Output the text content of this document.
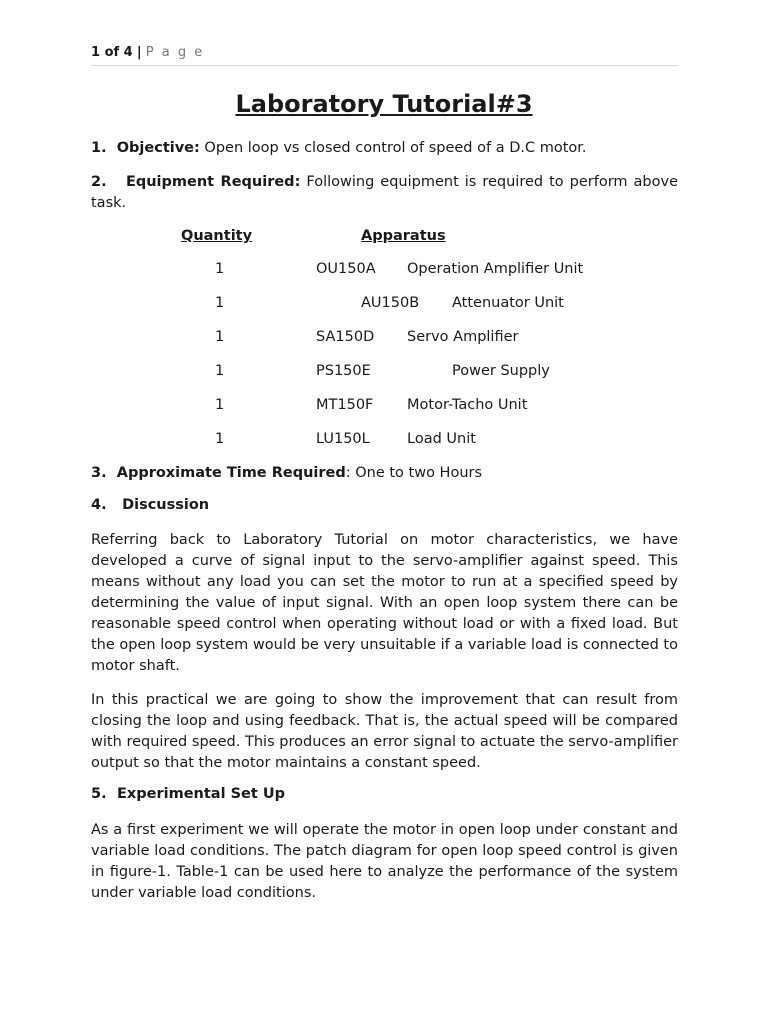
1 of 4 | P a g e
Laboratory Tutorial#3
1. Objective: Open loop vs closed control of speed of a D.C motor.
2. Equipment Required: Following equipment is required to perform above task.
Quantity	Apparatus
1	OU150A Operation Amplifier Unit
1	AU150B Attenuator Unit
1	SA150D Servo Amplifier
1	PS150E	Power Supply
1	MT150F Motor-Tacho Unit
1	LU150L	Load Unit
3. Approximate Time Required: One to two Hours
4. Discussion
Referring back to Laboratory Tutorial on motor characteristics, we have developed a curve of signal input to the servo-amplifier against speed. This means without any load you can set the motor to run at a specified speed by determining the value of input signal. With an open loop system there can be reasonable speed control when operating without load or with a fixed load. But the open loop system would be very unsuitable if a variable load is connected to motor shaft.
In this practical we are going to show the improvement that can result from closing the loop and using feedback. That is, the actual speed will be compared with required speed. This produces an error signal to actuate the servo-amplifier output so that the motor maintains a constant speed.
5. Experimental Set Up
As a first experiment we will operate the motor in open loop under constant and variable load conditions. The patch diagram for open loop speed control is given in figure-1. Table-1 can be used here to analyze the performance of the system under variable load conditions.
